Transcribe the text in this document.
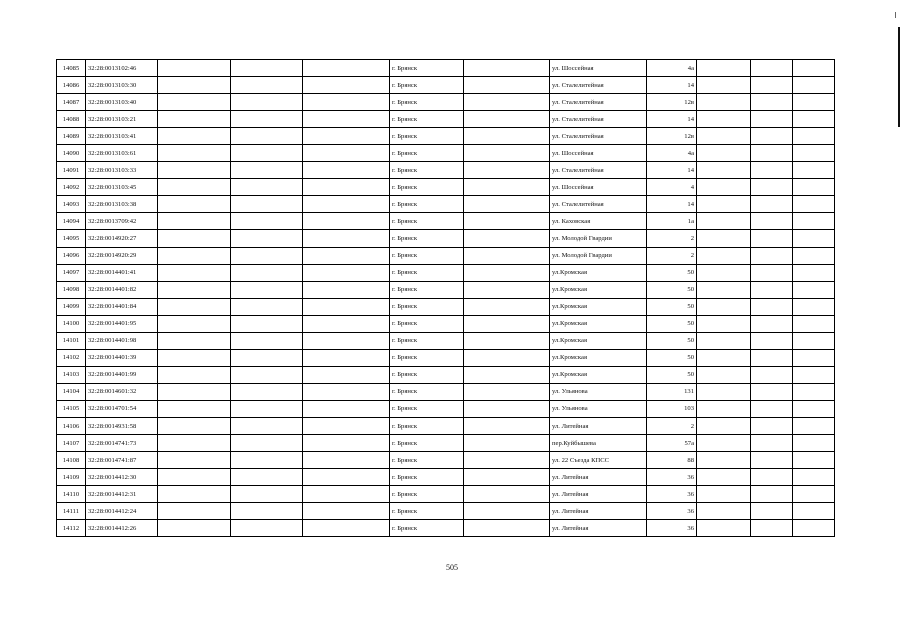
14085	32:28:0013102:46				г. Брянск		ул. Шоссейная	4а			
14086	32:28:0013103:30				г. Брянск		ул. Сталелитейная	14			
14087	32:28:0013103:40				г. Брянск		ул. Сталелитейная	12в			
14088	32:28:0013103:21				г. Брянск		ул. Сталелитейная	14			
14089	32:28:0013103:41				г. Брянск		ул. Сталелитейная	12в			
14090	32:28:0013103:61				г. Брянск		ул. Шоссейная	4а			
14091	32:28:0013103:33				г. Брянск		ул. Сталелитейная	14			
14092	32:28:0013103:45				г. Брянск		ул. Шоссейная	4			
14093	32:28:0013103:38				г. Брянск		ул. Сталелитейная	14			
14094	32:28:0013709:42				г. Брянск		ул. Каховская	1а			
14095	32:28:0014920:27				г. Брянск		ул. Молодой Гвардии	2			
14096	32:28:0014920:29				г. Брянск		ул. Молодой Гвардии	2			
14097	32:28:0014401:41				г. Брянск		ул.Кромская	50			
14098	32:28:0014401:82				г. Брянск		ул.Кромская	50			
14099	32:28:0014401:84				г. Брянск		ул.Кромская	50			
14100	32:28:0014401:95				г. Брянск		ул.Кромская	50			
14101	32:28:0014401:98				г. Брянск		ул.Кромская	50			
14102	32:28:0014401:39				г. Брянск		ул.Кромская	50			
14103	32:28:0014401:99				г. Брянск		ул.Кромская	50			
14104	32:28:0014601:32				г. Брянск		ул. Ульянова	131			
14105	32:28:0014701:54				г. Брянск		ул. Ульянова	103			
14106	32:28:0014931:58				г. Брянск		ул. Литейная	2			
14107	32:28:0014741:73				г. Брянск		пер.Куйбышева	57а			
14108	32:28:0014741:87				г. Брянск		ул. 22 Съезда КПСС	88			
14109	32:28:0014412:30				г. Брянск		ул. Литейная	36			
14110	32:28:0014412:31				г. Брянск		ул. Литейная	36			
14111	32:28:0014412:24				г. Брянск		ул. Литейная	36			
14112	32:28:0014412:26				г. Брянск		ул. Литейная	36			
505
